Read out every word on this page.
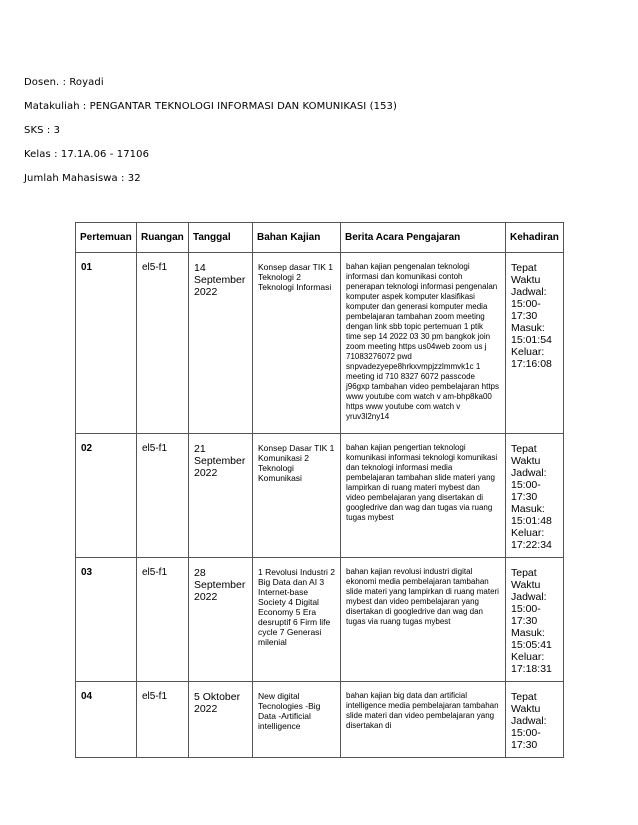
Dosen. : Royadi
Matakuliah : PENGANTAR TEKNOLOGI INFORMASI DAN KOMUNIKASI (153)
SKS : 3
Kelas : 17.1A.06 - 17106
Jumlah Mahasiswa : 32
Pertemuan	Ruangan	Tanggal	Bahan Kajian	Berita Acara Pengajaran	Kehadiran
01	el5-f1	14 September 2022	Konsep dasar TIK 1 Teknologi 2 Teknologi Informasi	bahan kajian pengenalan teknologi informasi dan komunikasi contoh penerapan teknologi informasi pengenalan komputer aspek komputer klasifikasi komputer dan generasi komputer media pembelajaran tambahan zoom meeting dengan link sbb topic pertemuan 1 ptik time sep 14 2022 03 30 pm bangkok join zoom meeting https us04web zoom us j 71083276072 pwd snpvadezyepe8hrkxvmpjzzlmmvk1c 1 meeting id 710 8327 6072 passcode j96gxp tambahan video pembelajaran https www youtube com watch v am-bhp8ka00 https www youtube com watch v yruv3l2ny14	Tepat Waktu Jadwal: 15:00-17:30 Masuk: 15:01:54 Keluar: 17:16:08
02	el5-f1	21 September 2022	Konsep Dasar TIK 1 Komunikasi 2 Teknologi Komunikasi	bahan kajian pengertian teknologi komunikasi informasi teknologi komunikasi dan teknologi informasi media pembelajaran tambahan slide materi yang lampirkan di ruang materi mybest dan video pembelajaran yang disertakan di googledrive dan wag dan tugas via ruang tugas mybest	Tepat Waktu Jadwal: 15:00-17:30 Masuk: 15:01:48 Keluar: 17:22:34
03	el5-f1	28 September 2022	1 Revolusi Industri 2 Big Data dan AI 3 Internet-base Society 4 Digital Economy 5 Era desruptif 6 Firm life cycle 7 Generasi milenial	bahan kajian revolusi industri digital ekonomi media pembelajaran tambahan slide materi yang lampirkan di ruang materi mybest dan video pembelajaran yang disertakan di googledrive dan wag dan tugas via ruang tugas mybest	Tepat Waktu Jadwal: 15:00-17:30 Masuk: 15:05:41 Keluar: 17:18:31
04	el5-f1	5 Oktober 2022	New digital Tecnologies -Big Data -Artificial intelligence	bahan kajian big data dan artificial intelligence media pembelajaran tambahan slide materi dan video pembelajaran yang disertakan di	Tepat Waktu Jadwal: 15:00-17:30
